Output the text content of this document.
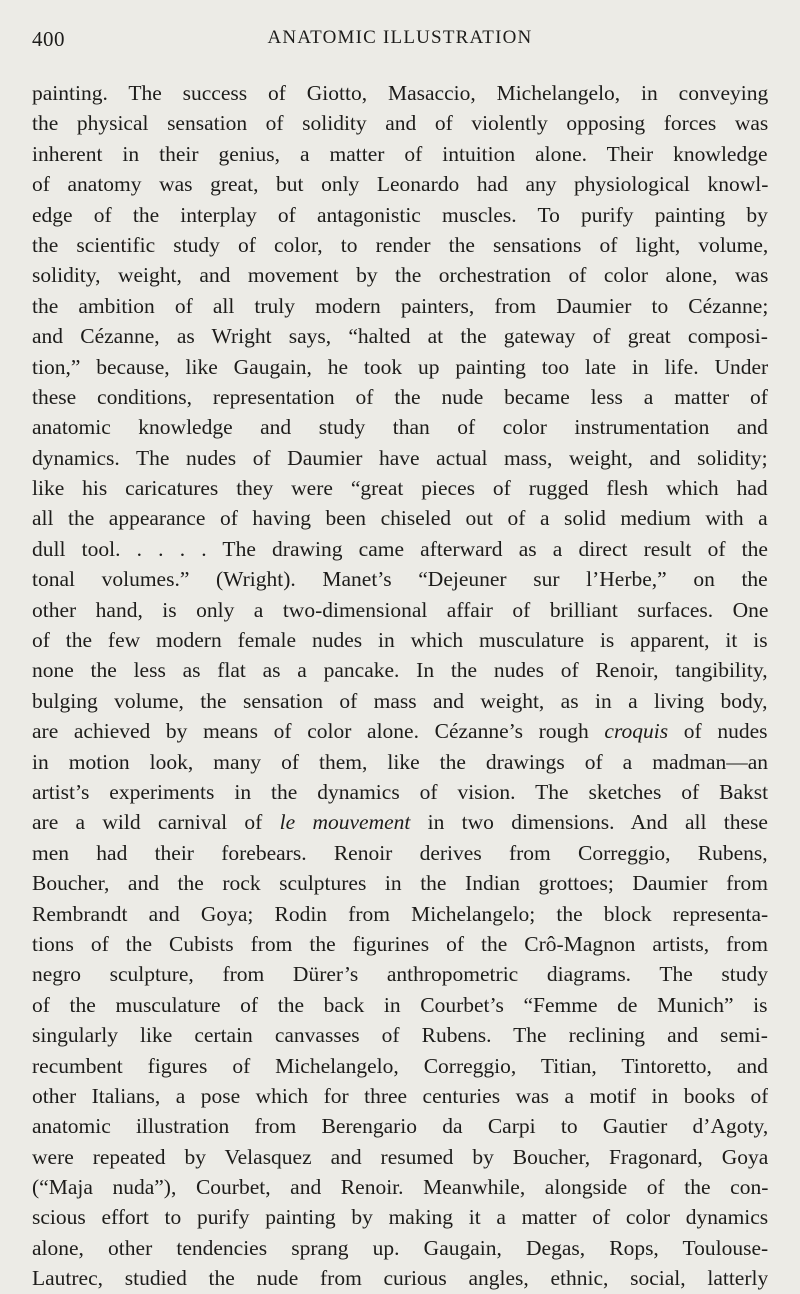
400	ANATOMIC ILLUSTRATION
painting. The success of Giotto, Masaccio, Michelangelo, in conveying
the physical sensation of solidity and of violently opposing forces was
inherent in their genius, a matter of intuition alone. Their knowledge
of anatomy was great, but only Leonardo had any physiological knowl-
edge of the interplay of antagonistic muscles. To purify painting by
the scientific study of color, to render the sensations of light, volume,
solidity, weight, and movement by the orchestration of color alone, was
the ambition of all truly modern painters, from Daumier to Cézanne;
and Cézanne, as Wright says, “halted at the gateway of great composi-
tion,” because, like Gaugain, he took up painting too late in life. Under
these conditions, representation of the nude became less a matter of
anatomic knowledge and study than of color instrumentation and
dynamics. The nudes of Daumier have actual mass, weight, and solidity;
like his caricatures they were “great pieces of rugged flesh which had
all the appearance of having been chiseled out of a solid medium with a
dull tool. . . . . The drawing came afterward as a direct result of the
tonal volumes.” (Wright). Manet’s “Dejeuner sur l’Herbe,” on the
other hand, is only a two-dimensional affair of brilliant surfaces. One
of the few modern female nudes in which musculature is apparent, it is
none the less as flat as a pancake. In the nudes of Renoir, tangibility,
bulging volume, the sensation of mass and weight, as in a living body,
are achieved by means of color alone. Cézanne’s rough croquis of nudes
in motion look, many of them, like the drawings of a madman—an
artist’s experiments in the dynamics of vision. The sketches of Bakst
are a wild carnival of le mouvement in two dimensions. And all these
men had their forebears. Renoir derives from Correggio, Rubens,
Boucher, and the rock sculptures in the Indian grottoes; Daumier from
Rembrandt and Goya; Rodin from Michelangelo; the block representa-
tions of the Cubists from the figurines of the Crô-Magnon artists, from
negro sculpture, from Dürer’s anthropometric diagrams. The study
of the musculature of the back in Courbet’s “Femme de Munich” is
singularly like certain canvasses of Rubens. The reclining and semi-
recumbent figures of Michelangelo, Correggio, Titian, Tintoretto, and
other Italians, a pose which for three centuries was a motif in books of
anatomic illustration from Berengario da Carpi to Gautier d’Agoty,
were repeated by Velasquez and resumed by Boucher, Fragonard, Goya
(“Maja nuda”), Courbet, and Renoir. Meanwhile, alongside of the con-
scious effort to purify painting by making it a matter of color dynamics
alone, other tendencies sprang up. Gaugain, Degas, Rops, Toulouse-
Lautrec, studied the nude from curious angles, ethnic, social, latterly
